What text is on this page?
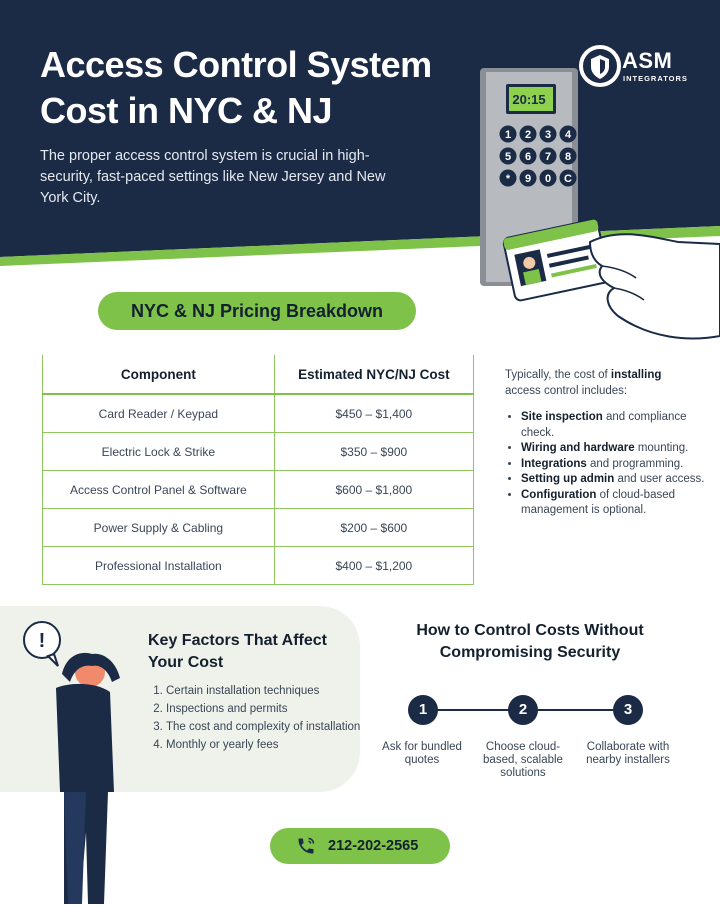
Access Control System
Cost in NYC & NJ
The proper access control system is crucial in high-security, fast-paced settings like New Jersey and New York City.
ASM
INTEGRATORS
1 2 3 4
5 6 7 8
* 9 0 C
20:15
NYC & NJ Pricing Breakdown
Component	Estimated NYC/NJ Cost
Card Reader / Keypad	$450 – $1,400
Electric Lock & Strike	$350 – $900
Access Control Panel & Software	$600 – $1,800
Power Supply & Cabling	$200 – $600
Professional Installation	$400 – $1,200
Typically, the cost of installing access control includes:
• Site inspection and compliance check.
• Wiring and hardware mounting.
• Integrations and programming.
• Setting up admin and user access.
• Configuration of cloud-based management is optional.
!	Key Factors That Affect Your Cost
1. Certain installation techniques
2. Inspections and permits
3. The cost and complexity of installation
4. Monthly or yearly fees
How to Control Costs Without Compromising Security
1	2	3
Ask for bundled quotes
Choose cloud-based, scalable solutions
Collaborate with nearby installers
212-202-2565
